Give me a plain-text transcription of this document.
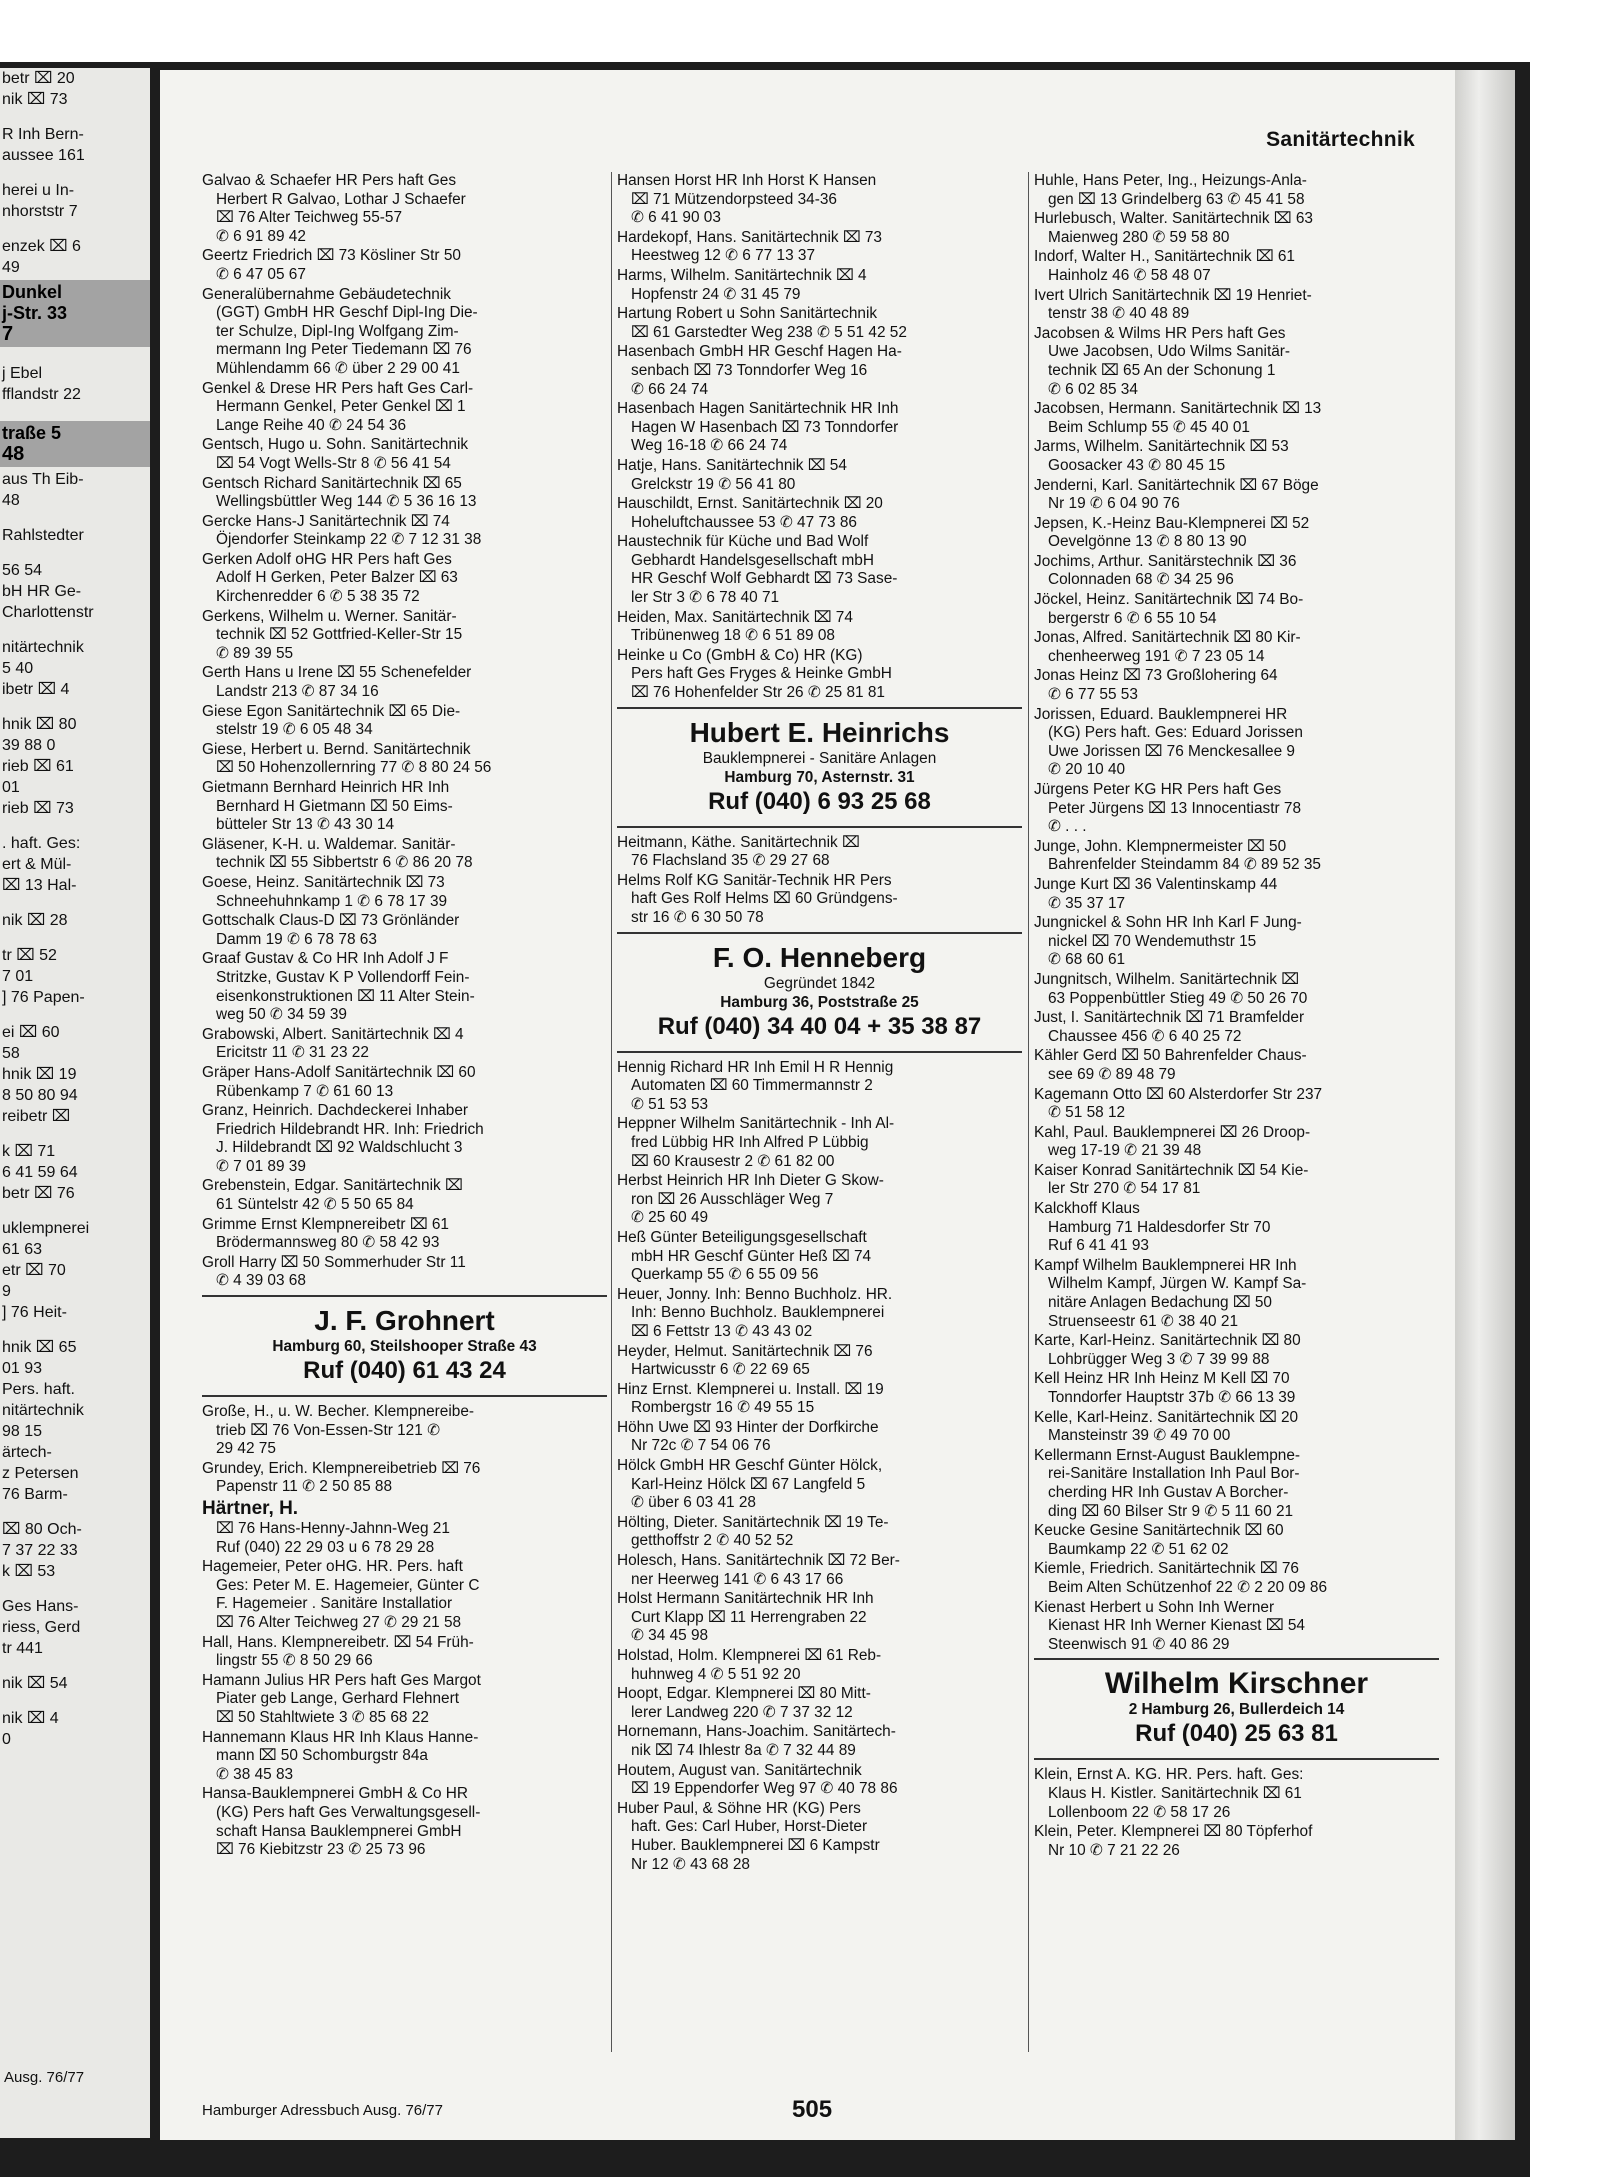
betr ⌧ 20
nik ⌧ 73
R Inh Bern-
aussee 161
herei u In-
nhorststr 7
enzek ⌧ 6
49
Dunkel
j-Str. 33
7
j Ebel
fflandstr 22
traße 5
48
aus Th Eib-
48
Rahlstedter
56 54
bH HR Ge-
Charlottenstr
nitärtechnik
5 40
ibetr ⌧ 4
hnik ⌧ 80
39 88 0
rieb ⌧ 61
01
rieb ⌧ 73
. haft. Ges:
ert & Mül-
⌧ 13 Hal-
nik ⌧ 28
tr ⌧ 52
7 01
] 76 Papen-
ei ⌧ 60
58
hnik ⌧ 19
8 50 80 94
reibetr ⌧
k ⌧ 71
6 41 59 64
betr ⌧ 76
uklempnerei
61 63
etr ⌧ 70
9
] 76 Heit-
hnik ⌧ 65
01 93
Pers. haft.
nitärtechnik
98 15
ärtech-
z Petersen
76 Barm-
⌧ 80 Och-
7 37 22 33
k ⌧ 53
Ges Hans-
riess, Gerd
tr 441
nik ⌧ 54
nik ⌧ 4
0
Ausg. 76/77
Sanitärtechnik
Galvao & Schaefer HR Pers haft Ges
Herbert R Galvao, Lothar J Schaefer
⌧ 76 Alter Teichweg 55-57
✆ 6 91 89 42
Geertz Friedrich ⌧ 73 Kösliner Str 50
✆ 6 47 05 67
Generalübernahme Gebäudetechnik
(GGT) GmbH HR Geschf Dipl-Ing Die-
ter Schulze, Dipl-Ing Wolfgang Zim-
mermann Ing Peter Tiedemann ⌧ 76
Mühlendamm 66 ✆ über 2 29 00 41
Genkel & Drese HR Pers haft Ges Carl-
Hermann Genkel, Peter Genkel ⌧ 1
Lange Reihe 40 ✆ 24 54 36
Gentsch, Hugo u. Sohn. Sanitärtechnik
⌧ 54 Vogt Wells-Str 8 ✆ 56 41 54
Gentsch Richard Sanitärtechnik ⌧ 65
Wellingsbüttler Weg 144 ✆ 5 36 16 13
Gercke Hans-J Sanitärtechnik ⌧ 74
Öjendorfer Steinkamp 22 ✆ 7 12 31 38
Gerken Adolf oHG HR Pers haft Ges
Adolf H Gerken, Peter Balzer ⌧ 63
Kirchenredder 6 ✆ 5 38 35 72
Gerkens, Wilhelm u. Werner. Sanitär-
technik ⌧ 52 Gottfried-Keller-Str 15
✆ 89 39 55
Gerth Hans u Irene ⌧ 55 Schenefelder
Landstr 213 ✆ 87 34 16
Giese Egon Sanitärtechnik ⌧ 65 Die-
stelstr 19 ✆ 6 05 48 34
Giese, Herbert u. Bernd. Sanitärtechnik
⌧ 50 Hohenzollernring 77 ✆ 8 80 24 56
Gietmann Bernhard Heinrich HR Inh
Bernhard H Gietmann ⌧ 50 Eims-
bütteler Str 13 ✆ 43 30 14
Gläsener, K-H. u. Waldemar. Sanitär-
technik ⌧ 55 Sibbertstr 6 ✆ 86 20 78
Goese, Heinz. Sanitärtechnik ⌧ 73
Schneehuhnkamp 1 ✆ 6 78 17 39
Gottschalk Claus-D ⌧ 73 Grönländer
Damm 19 ✆ 6 78 78 63
Graaf Gustav & Co HR Inh Adolf J F
Stritzke, Gustav K P Vollendorff Fein-
eisenkonstruktionen ⌧ 11 Alter Stein-
weg 50 ✆ 34 59 39
Grabowski, Albert. Sanitärtechnik ⌧ 4
Ericitstr 11 ✆ 31 23 22
Gräper Hans-Adolf Sanitärtechnik ⌧ 60
Rübenkamp 7 ✆ 61 60 13
Granz, Heinrich. Dachdeckerei Inhaber
Friedrich Hildebrandt HR. Inh: Friedrich
J. Hildebrandt ⌧ 92 Waldschlucht 3
✆ 7 01 89 39
Grebenstein, Edgar. Sanitärtechnik ⌧
61 Süntelstr 42 ✆ 5 50 65 84
Grimme Ernst Klempnereibetr ⌧ 61
Brödermannsweg 80 ✆ 58 42 93
Groll Harry ⌧ 50 Sommerhuder Str 11
✆ 4 39 03 68
J. F. Grohnert
Hamburg 60, Steilshooper Straße 43
Ruf (040) 61 43 24
Große, H., u. W. Becher. Klempnereibe-
trieb ⌧ 76 Von-Essen-Str 121 ✆
29 42 75
Grundey, Erich. Klempnereibetrieb ⌧ 76
Papenstr 11 ✆ 2 50 85 88
Härtner, H.
⌧ 76 Hans-Henny-Jahnn-Weg 21
Ruf (040) 22 29 03 u 6 78 29 28
Hagemeier, Peter oHG. HR. Pers. haft
Ges: Peter M. E. Hagemeier, Günter C
F. Hagemeier . Sanitäre Installatior
⌧ 76 Alter Teichweg 27 ✆ 29 21 58
Hall, Hans. Klempnereibetr. ⌧ 54 Früh-
lingstr 55 ✆ 8 50 29 66
Hamann Julius HR Pers haft Ges Margot
Piater geb Lange, Gerhard Flehnert
⌧ 50 Stahltwiete 3 ✆ 85 68 22
Hannemann Klaus HR Inh Klaus Hanne-
mann ⌧ 50 Schomburgstr 84a
✆ 38 45 83
Hansa-Bauklempnerei GmbH & Co HR
(KG) Pers haft Ges Verwaltungsgesell-
schaft Hansa Bauklempnerei GmbH
⌧ 76 Kiebitzstr 23 ✆ 25 73 96
Hansen Horst HR Inh Horst K Hansen
⌧ 71 Mützendorpsteed 34-36
✆ 6 41 90 03
Hardekopf, Hans. Sanitärtechnik ⌧ 73
Heestweg 12 ✆ 6 77 13 37
Harms, Wilhelm. Sanitärtechnik ⌧ 4
Hopfenstr 24 ✆ 31 45 79
Hartung Robert u Sohn Sanitärtechnik
⌧ 61 Garstedter Weg 238 ✆ 5 51 42 52
Hasenbach GmbH HR Geschf Hagen Ha-
senbach ⌧ 73 Tonndorfer Weg 16
✆ 66 24 74
Hasenbach Hagen Sanitärtechnik HR Inh
Hagen W Hasenbach ⌧ 73 Tonndorfer
Weg 16-18 ✆ 66 24 74
Hatje, Hans. Sanitärtechnik ⌧ 54
Grelckstr 19 ✆ 56 41 80
Hauschildt, Ernst. Sanitärtechnik ⌧ 20
Hoheluftchaussee 53 ✆ 47 73 86
Haustechnik für Küche und Bad Wolf
Gebhardt Handelsgesellschaft mbH
HR Geschf Wolf Gebhardt ⌧ 73 Sase-
ler Str 3 ✆ 6 78 40 71
Heiden, Max. Sanitärtechnik ⌧ 74
Tribünenweg 18 ✆ 6 51 89 08
Heinke u Co (GmbH & Co) HR (KG)
Pers haft Ges Fryges & Heinke GmbH
⌧ 76 Hohenfelder Str 26 ✆ 25 81 81
Hubert E. Heinrichs
Bauklempnerei - Sanitäre Anlagen
Hamburg 70, Asternstr. 31
Ruf (040) 6 93 25 68
Heitmann, Käthe. Sanitärtechnik ⌧
76 Flachsland 35 ✆ 29 27 68
Helms Rolf KG Sanitär-Technik HR Pers
haft Ges Rolf Helms ⌧ 60 Gründgens-
str 16 ✆ 6 30 50 78
F. O. Henneberg
Gegründet 1842
Hamburg 36, Poststraße 25
Ruf (040) 34 40 04 + 35 38 87
Hennig Richard HR Inh Emil H R Hennig
Automaten ⌧ 60 Timmermannstr 2
✆ 51 53 53
Heppner Wilhelm Sanitärtechnik - Inh Al-
fred Lübbig HR Inh Alfred P Lübbig
⌧ 60 Krausestr 2 ✆ 61 82 00
Herbst Heinrich HR Inh Dieter G Skow-
ron ⌧ 26 Ausschläger Weg 7
✆ 25 60 49
Heß Günter Beteiligungsgesellschaft
mbH HR Geschf Günter Heß ⌧ 74
Querkamp 55 ✆ 6 55 09 56
Heuer, Jonny. Inh: Benno Buchholz. HR.
Inh: Benno Buchholz. Bauklempnerei
⌧ 6 Fettstr 13 ✆ 43 43 02
Heyder, Helmut. Sanitärtechnik ⌧ 76
Hartwicusstr 6 ✆ 22 69 65
Hinz Ernst. Klempnerei u. Install. ⌧ 19
Rombergstr 16 ✆ 49 55 15
Höhn Uwe ⌧ 93 Hinter der Dorfkirche
Nr 72c ✆ 7 54 06 76
Hölck GmbH HR Geschf Günter Hölck,
Karl-Heinz Hölck ⌧ 67 Langfeld 5
✆ über 6 03 41 28
Hölting, Dieter. Sanitärtechnik ⌧ 19 Te-
getthoffstr 2 ✆ 40 52 52
Holesch, Hans. Sanitärtechnik ⌧ 72 Ber-
ner Heerweg 141 ✆ 6 43 17 66
Holst Hermann Sanitärtechnik HR Inh
Curt Klapp ⌧ 11 Herrengraben 22
✆ 34 45 98
Holstad, Holm. Klempnerei ⌧ 61 Reb-
huhnweg 4 ✆ 5 51 92 20
Hoopt, Edgar. Klempnerei ⌧ 80 Mitt-
lerer Landweg 220 ✆ 7 37 32 12
Hornemann, Hans-Joachim. Sanitärtech-
nik ⌧ 74 Ihlestr 8a ✆ 7 32 44 89
Houtem, August van. Sanitärtechnik
⌧ 19 Eppendorfer Weg 97 ✆ 40 78 86
Huber Paul, & Söhne HR (KG) Pers
haft. Ges: Carl Huber, Horst-Dieter
Huber. Bauklempnerei ⌧ 6 Kampstr
Nr 12 ✆ 43 68 28
Huhle, Hans Peter, Ing., Heizungs-Anla-
gen ⌧ 13 Grindelberg 63 ✆ 45 41 58
Hurlebusch, Walter. Sanitärtechnik ⌧ 63
Maienweg 280 ✆ 59 58 80
Indorf, Walter H., Sanitärtechnik ⌧ 61
Hainholz 46 ✆ 58 48 07
Ivert Ulrich Sanitärtechnik ⌧ 19 Henriet-
tenstr 38 ✆ 40 48 89
Jacobsen & Wilms HR Pers haft Ges
Uwe Jacobsen, Udo Wilms Sanitär-
technik ⌧ 65 An der Schonung 1
✆ 6 02 85 34
Jacobsen, Hermann. Sanitärtechnik ⌧ 13
Beim Schlump 55 ✆ 45 40 01
Jarms, Wilhelm. Sanitärtechnik ⌧ 53
Goosacker 43 ✆ 80 45 15
Jenderni, Karl. Sanitärtechnik ⌧ 67 Böge
Nr 19 ✆ 6 04 90 76
Jepsen, K.-Heinz Bau-Klempnerei ⌧ 52
Oevelgönne 13 ✆ 8 80 13 90
Jochims, Arthur. Sanitärstechnik ⌧ 36
Colonnaden 68 ✆ 34 25 96
Jöckel, Heinz. Sanitärtechnik ⌧ 74 Bo-
bergerstr 6 ✆ 6 55 10 54
Jonas, Alfred. Sanitärtechnik ⌧ 80 Kir-
chenheerweg 191 ✆ 7 23 05 14
Jonas Heinz ⌧ 73 Großlohering 64
✆ 6 77 55 53
Jorissen, Eduard. Bauklempnerei HR
(KG) Pers haft. Ges: Eduard Jorissen
Uwe Jorissen ⌧ 76 Menckesallee 9
✆ 20 10 40
Jürgens Peter KG HR Pers haft Ges
Peter Jürgens ⌧ 13 Innocentiastr 78
✆ . . .
Junge, John. Klempnermeister ⌧ 50
Bahrenfelder Steindamm 84 ✆ 89 52 35
Junge Kurt ⌧ 36 Valentinskamp 44
✆ 35 37 17
Jungnickel & Sohn HR Inh Karl F Jung-
nickel ⌧ 70 Wendemuthstr 15
✆ 68 60 61
Jungnitsch, Wilhelm. Sanitärtechnik ⌧
63 Poppenbüttler Stieg 49 ✆ 50 26 70
Just, I. Sanitärtechnik ⌧ 71 Bramfelder
Chaussee 456 ✆ 6 40 25 72
Kähler Gerd ⌧ 50 Bahrenfelder Chaus-
see 69 ✆ 89 48 79
Kagemann Otto ⌧ 60 Alsterdorfer Str 237
✆ 51 58 12
Kahl, Paul. Bauklempnerei ⌧ 26 Droop-
weg 17-19 ✆ 21 39 48
Kaiser Konrad Sanitärtechnik ⌧ 54 Kie-
ler Str 270 ✆ 54 17 81
Kalckhoff Klaus
Hamburg 71 Haldesdorfer Str 70
Ruf 6 41 41 93
Kampf Wilhelm Bauklempnerei HR Inh
Wilhelm Kampf, Jürgen W. Kampf Sa-
nitäre Anlagen Bedachung ⌧ 50
Struenseestr 61 ✆ 38 40 21
Karte, Karl-Heinz. Sanitärtechnik ⌧ 80
Lohbrügger Weg 3 ✆ 7 39 99 88
Kell Heinz HR Inh Heinz M Kell ⌧ 70
Tonndorfer Hauptstr 37b ✆ 66 13 39
Kelle, Karl-Heinz. Sanitärtechnik ⌧ 20
Mansteinstr 39 ✆ 49 70 00
Kellermann Ernst-August Bauklempne-
rei-Sanitäre Installation Inh Paul Bor-
cherding HR Inh Gustav A Borcher-
ding ⌧ 60 Bilser Str 9 ✆ 5 11 60 21
Keucke Gesine Sanitärtechnik ⌧ 60
Baumkamp 22 ✆ 51 62 02
Kiemle, Friedrich. Sanitärtechnik ⌧ 76
Beim Alten Schützenhof 22 ✆ 2 20 09 86
Kienast Herbert u Sohn Inh Werner
Kienast HR Inh Werner Kienast ⌧ 54
Steenwisch 91 ✆ 40 86 29
Wilhelm Kirschner
2 Hamburg 26, Bullerdeich 14
Ruf (040) 25 63 81
Klein, Ernst A. KG. HR. Pers. haft. Ges:
Klaus H. Kistler. Sanitärtechnik ⌧ 61
Lollenboom 22 ✆ 58 17 26
Klein, Peter. Klempnerei ⌧ 80 Töpferhof
Nr 10 ✆ 7 21 22 26
Hamburger Adressbuch Ausg. 76/77	505
